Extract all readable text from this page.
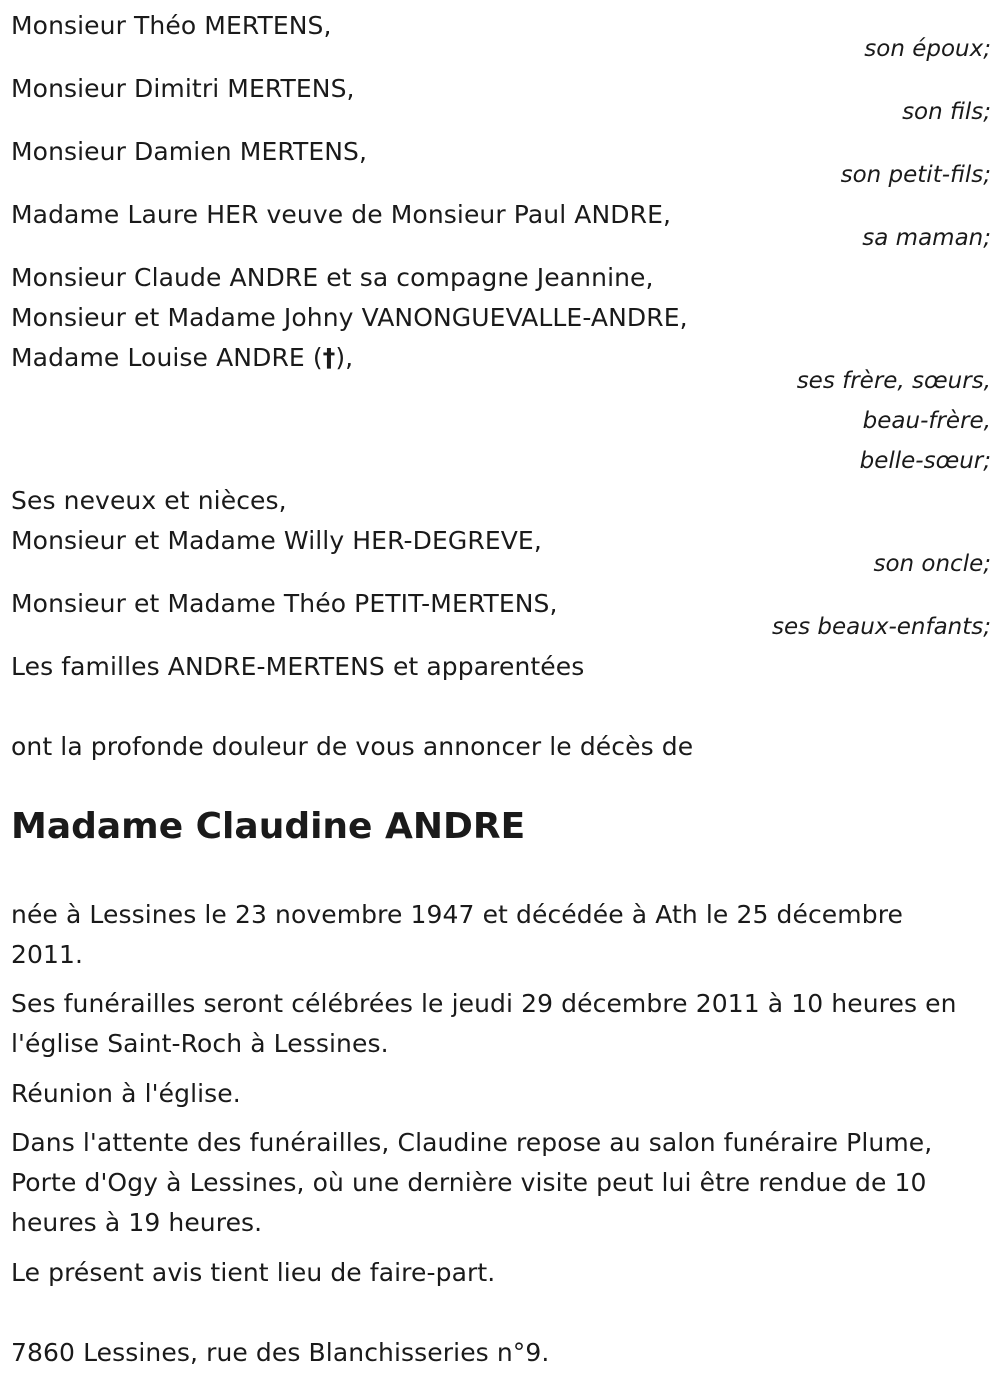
Monsieur Théo MERTENS,
son époux;
Monsieur Dimitri MERTENS,
son fils;
Monsieur Damien MERTENS,
son petit-fils;
Madame Laure HER veuve de Monsieur Paul ANDRE,
sa maman;
Monsieur Claude ANDRE et sa compagne Jeannine,
Monsieur et Madame Johny VANONGUEVALLE-ANDRE,
Madame Louise ANDRE (†),
ses frère, sœurs,
beau-frère,
belle-sœur;
Ses neveux et nièces,
Monsieur et Madame Willy HER-DEGREVE,
son oncle;
Monsieur et Madame Théo PETIT-MERTENS,
ses beaux-enfants;
Les familles ANDRE-MERTENS et apparentées
ont la profonde douleur de vous annoncer le décès de
Madame Claudine ANDRE
née à Lessines le 23 novembre 1947 et décédée à Ath le 25 décembre
2011.
Ses funérailles seront célébrées le jeudi 29 décembre 2011 à 10 heures en
l'église Saint-Roch à Lessines.
Réunion à l'église.
Dans l'attente des funérailles, Claudine repose au salon funéraire Plume,
Porte d'Ogy à Lessines, où une dernière visite peut lui être rendue de 10
heures à 19 heures.
Le présent avis tient lieu de faire-part.
7860 Lessines, rue des Blanchisseries n°9.
